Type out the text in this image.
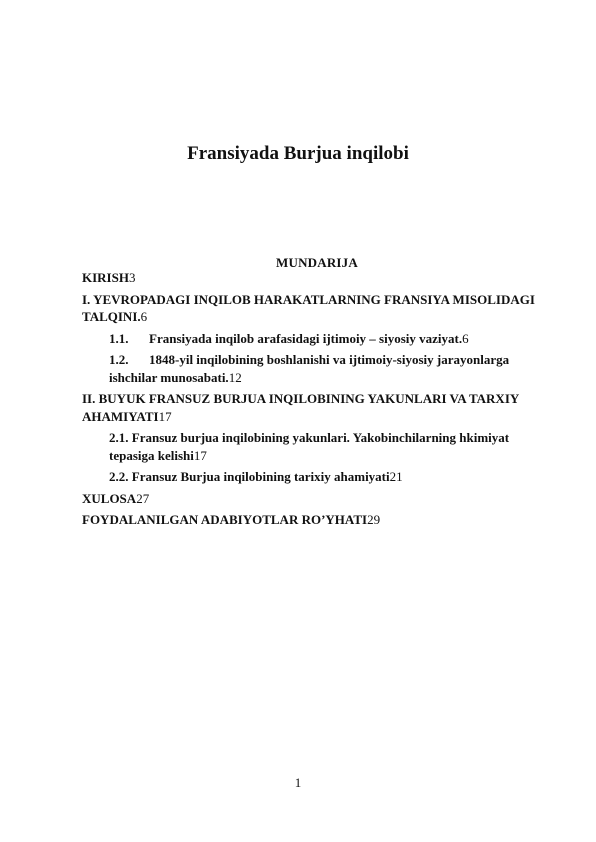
Fransiyada Burjua inqilobi
MUNDARIJA
KIRISH3
I. YEVROPADAGI INQILOB HARAKATLARNING FRANSIYA MISOLIDAGI TALQINI.6
1.1. Fransiyada inqilob arafasidagi ijtimoiy – siyosiy vaziyat.6
1.2. 1848-yil inqilobining boshlanishi va ijtimoiy-siyosiy jarayonlarga ishchilar munosabati.12
II. BUYUK FRANSUZ BURJUA INQILOBINING YAKUNLARI VA TARXIY AHAMIYATI17
2.1. Fransuz burjua inqilobining yakunlari. Yakobinchilarning hkimiyat tepasiga kelishi17
2.2. Fransuz Burjua inqilobining tarixiy ahamiyati21
XULOSA27
FOYDALANILGAN ADABIYOTLAR RO’YHATI29
1
